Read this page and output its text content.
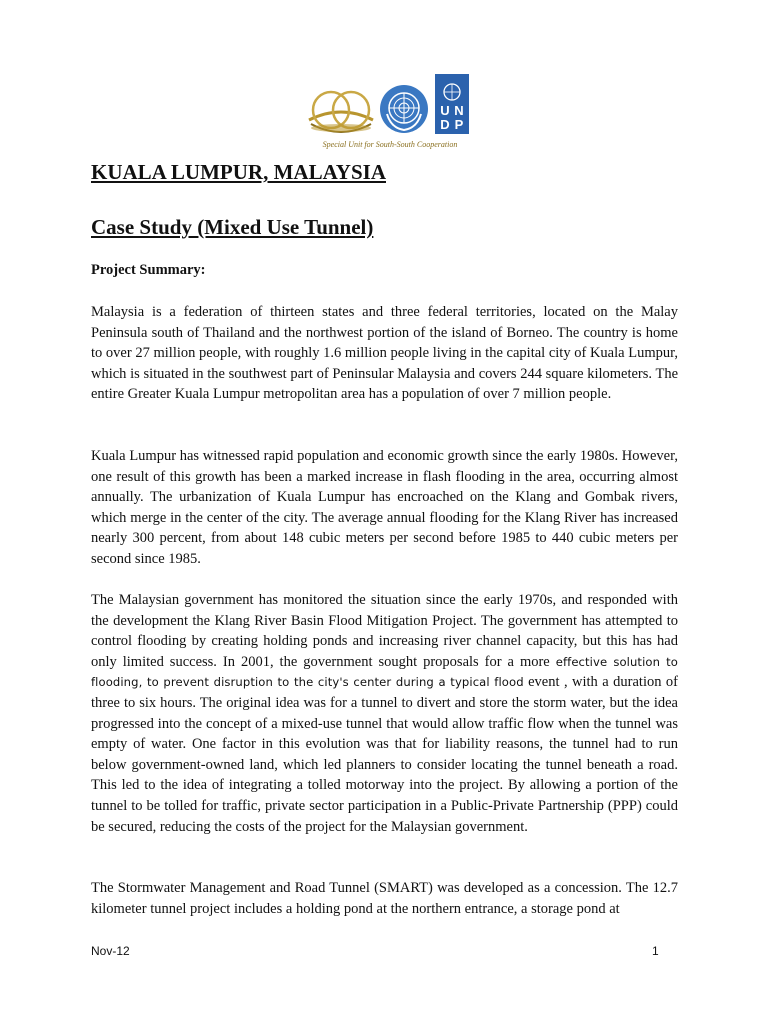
U N
D P
Special Unit for South-South Cooperation
KUALA LUMPUR, MALAYSIA
Case Study (Mixed Use Tunnel)
Project Summary:

Malaysia is a federation of thirteen states and three federal territories, located on the Malay Peninsula south of Thailand and the northwest portion of the island of Borneo. The country is home to over 27 million people, with roughly 1.6 million people living in the capital city of Kuala Lumpur, which is situated in the southwest part of Peninsular Malaysia and covers 244 square kilometers. The entire Greater Kuala Lumpur metropolitan area has a population of over 7 million people.

Kuala Lumpur has witnessed rapid population and economic growth since the early 1980s. However, one result of this growth has been a marked increase in flash flooding in the area, occurring almost annually. The urbanization of Kuala Lumpur has encroached on the Klang and Gombak rivers, which merge in the center of the city. The average annual flooding for the Klang River has increased nearly 300 percent, from about 148 cubic meters per second before 1985 to 440 cubic meters per second since 1985.

The Malaysian government has monitored the situation since the early 1970s, and responded with the development the Klang River Basin Flood Mitigation Project. The government has attempted to control flooding by creating holding ponds and increasing river channel capacity, but this has had only limited success. In 2001, the government sought proposals for a more effective solution to flooding, to prevent disruption to the city's center during a typical flood event , with a duration of three to six hours. The original idea was for a tunnel to divert and store the storm water, but the idea progressed into the concept of a mixed-use tunnel that would allow traffic flow when the tunnel was empty of water. One factor in this evolution was that for liability reasons, the tunnel had to run below government-owned land, which led planners to consider locating the tunnel beneath a road. This led to the idea of integrating a tolled motorway into the project. By allowing a portion of the tunnel to be tolled for traffic, private sector participation in a Public-Private Partnership (PPP) could be secured, reducing the costs of the project for the Malaysian government.

The Stormwater Management and Road Tunnel (SMART) was developed as a concession. The 12.7 kilometer tunnel project includes a holding pond at the northern entrance, a storage pond at

Nov-12	1
